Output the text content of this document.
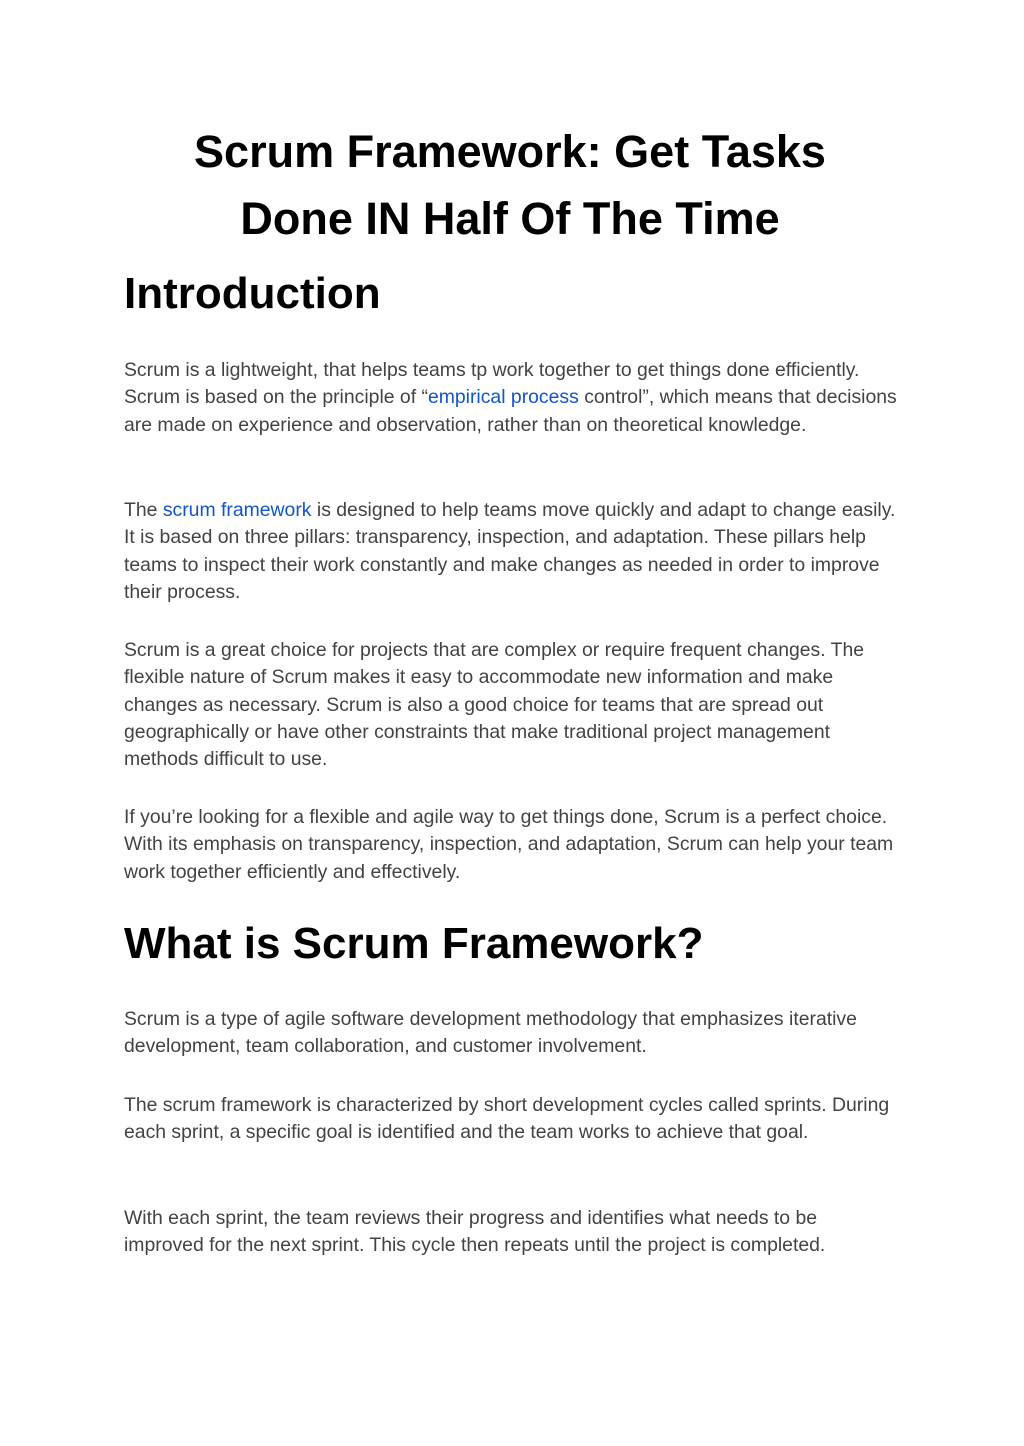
Scrum Framework: Get Tasks
Done IN Half Of The Time
Introduction

Scrum is a lightweight, that helps teams tp work together to get things done efficiently. Scrum is based on the principle of “empirical process control”, which means that decisions are made on experience and observation, rather than on theoretical knowledge.

The scrum framework is designed to help teams move quickly and adapt to change easily. It is based on three pillars: transparency, inspection, and adaptation. These pillars help teams to inspect their work constantly and make changes as needed in order to improve their process.

Scrum is a great choice for projects that are complex or require frequent changes. The flexible nature of Scrum makes it easy to accommodate new information and make changes as necessary. Scrum is also a good choice for teams that are spread out geographically or have other constraints that make traditional project management methods difficult to use.

If you’re looking for a flexible and agile way to get things done, Scrum is a perfect choice. With its emphasis on transparency, inspection, and adaptation, Scrum can help your team work together efficiently and effectively.

What is Scrum Framework?

Scrum is a type of agile software development methodology that emphasizes iterative development, team collaboration, and customer involvement.

The scrum framework is characterized by short development cycles called sprints. During each sprint, a specific goal is identified and the team works to achieve that goal.

With each sprint, the team reviews their progress and identifies what needs to be improved for the next sprint. This cycle then repeats until the project is completed.
